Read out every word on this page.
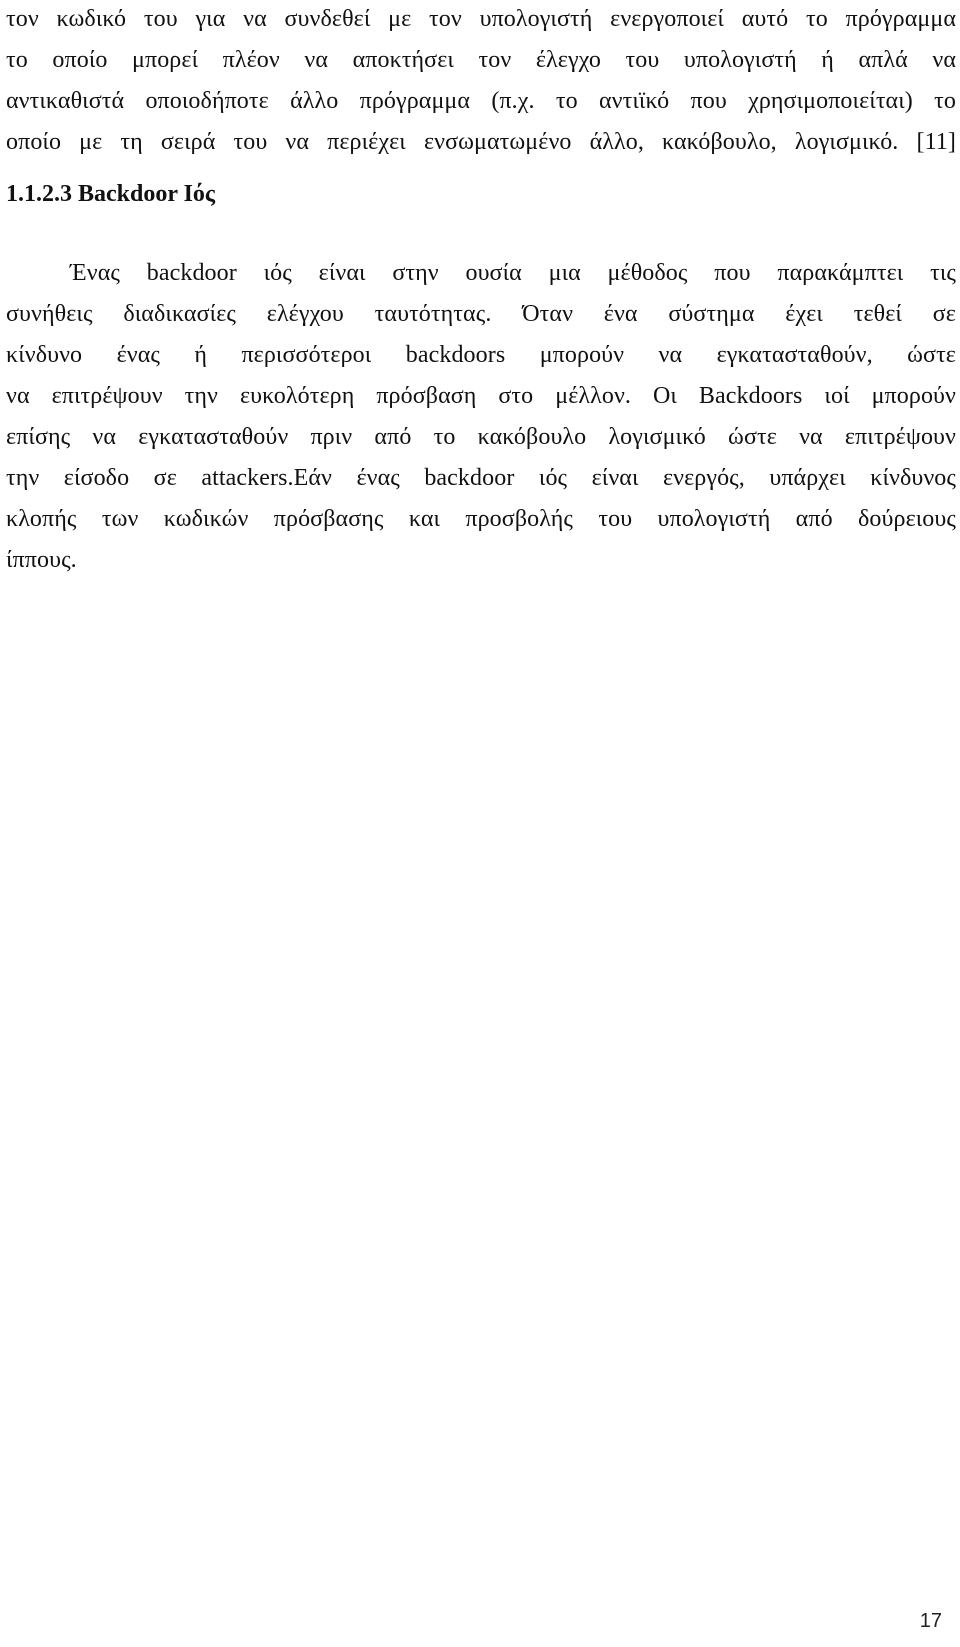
τον κωδικό του για να συνδεθεί με τον υπολογιστή ενεργοποιεί αυτό το πρόγραμμα
το οποίο μπορεί πλέον να αποκτήσει τον έλεγχο του υπολογιστή ή απλά να
αντικαθιστά οποιοδήποτε άλλο πρόγραμμα (π.χ. το αντιϊκό που χρησιμοποιείται) το
οποίο με τη σειρά του να περιέχει ενσωματωμένο άλλο, κακόβουλο, λογισμικό. [11]
1.1.2.3 Backdoor Ιός
Ένας backdoor ιός είναι στην ουσία μια μέθοδος που παρακάμπτει τις
συνήθεις διαδικασίες ελέγχου ταυτότητας. Όταν ένα σύστημα έχει τεθεί σε
κίνδυνο ένας ή περισσότεροι backdoors μπορούν να εγκατασταθούν, ώστε
να επιτρέψουν την ευκολότερη πρόσβαση στο μέλλον. Οι Backdoors ιοί μπορούν
επίσης να εγκατασταθούν πριν από το κακόβουλο λογισμικό ώστε να επιτρέψουν
την είσοδο σε attackers.Εάν ένας backdoor ιός είναι ενεργός, υπάρχει κίνδυνος
κλοπής των κωδικών πρόσβασης και προσβολής του υπολογιστή από δούρειους
ίππους.
17
